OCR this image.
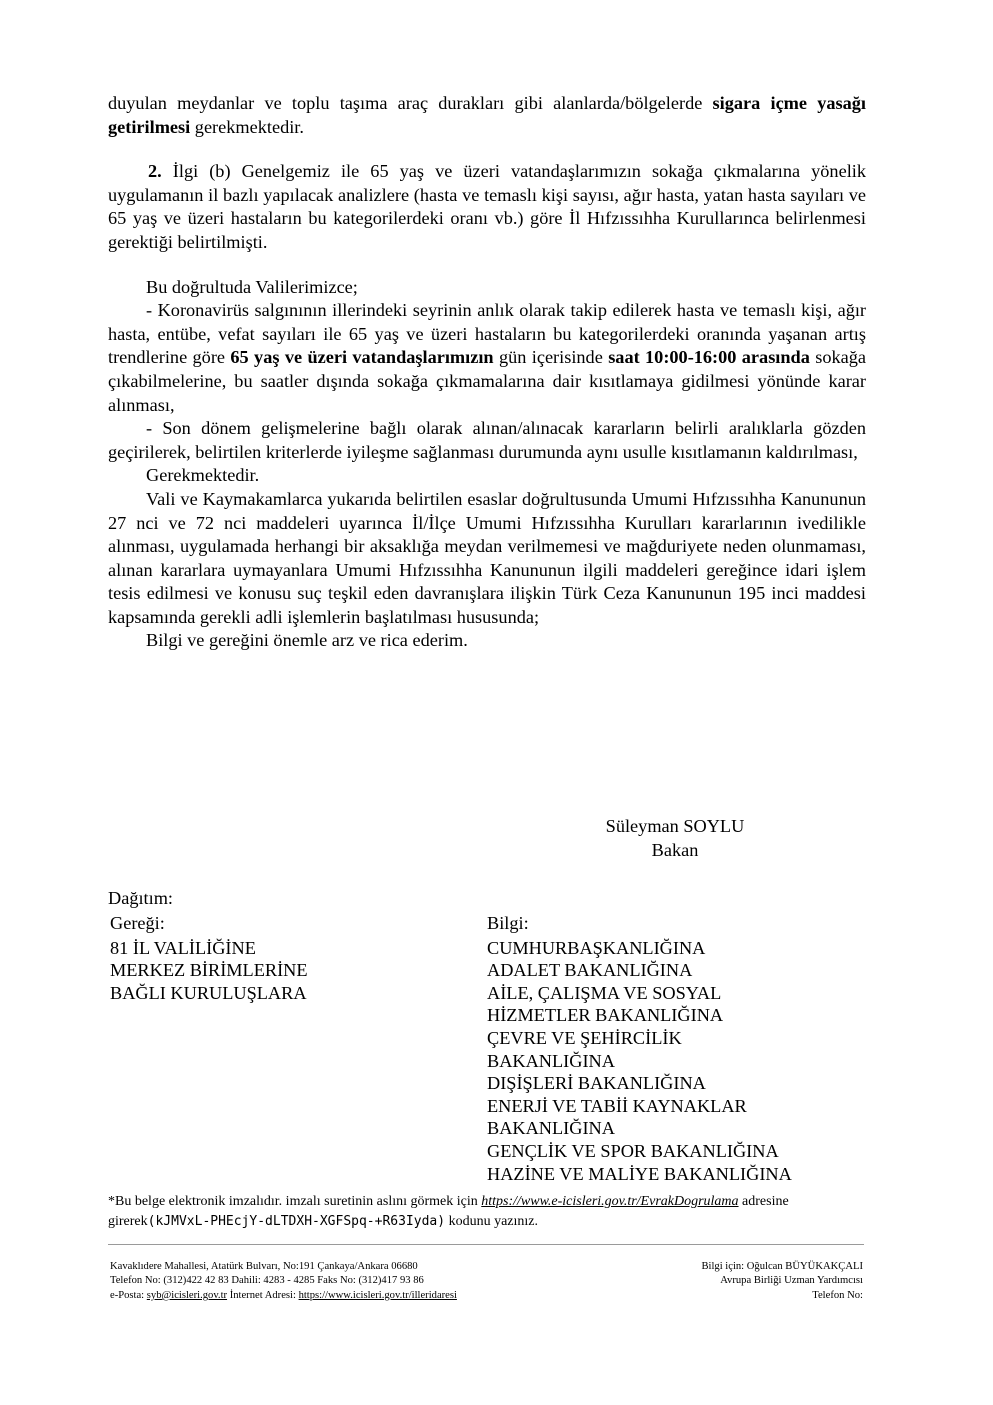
duyulan meydanlar ve toplu taşıma araç durakları gibi alanlarda/bölgelerde sigara içme yasağı getirilmesi gerekmektedir.

2. İlgi (b) Genelgemiz ile 65 yaş ve üzeri vatandaşlarımızın sokağa çıkmalarına yönelik uygulamanın il bazlı yapılacak analizlere (hasta ve temaslı kişi sayısı, ağır hasta, yatan hasta sayıları ve 65 yaş ve üzeri hastaların bu kategorilerdeki oranı vb.) göre İl Hıfzıssıhha Kurullarınca belirlenmesi gerektiği belirtilmişti.

Bu doğrultuda Valilerimizce;

- Koronavirüs salgınının illerindeki seyrinin anlık olarak takip edilerek hasta ve temaslı kişi, ağır hasta, entübe, vefat sayıları ile 65 yaş ve üzeri hastaların bu kategorilerdeki oranında yaşanan artış trendlerine göre 65 yaş ve üzeri vatandaşlarımızın gün içerisinde saat 10:00-16:00 arasında sokağa çıkabilmelerine, bu saatler dışında sokağa çıkmamalarına dair kısıtlamaya gidilmesi yönünde karar alınması,

- Son dönem gelişmelerine bağlı olarak alınan/alınacak kararların belirli aralıklarla gözden geçirilerek, belirtilen kriterlerde iyileşme sağlanması durumunda aynı usulle kısıtlamanın kaldırılması,

Gerekmektedir.

Vali ve Kaymakamlarca yukarıda belirtilen esaslar doğrultusunda Umumi Hıfzıssıhha Kanununun 27 nci ve 72 nci maddeleri uyarınca İl/İlçe Umumi Hıfzıssıhha Kurulları kararlarının ivedilikle alınması, uygulamada herhangi bir aksaklığa meydan verilmemesi ve mağduriyete neden olunmaması, alınan kararlara uymayanlara Umumi Hıfzıssıhha Kanununun ilgili maddeleri gereğince idari işlem tesis edilmesi ve konusu suç teşkil eden davranışlara ilişkin Türk Ceza Kanununun 195 inci maddesi kapsamında gerekli adli işlemlerin başlatılması hususunda;

Bilgi ve gereğini önemle arz ve rica ederim.

Süleyman SOYLU
Bakan
Dağıtım:
Gereği:
81 İL VALİLİĞİNE
MERKEZ BİRİMLERİNE
BAĞLI KURULUŞLARA
Bilgi:
CUMHURBAŞKANLIĞINA
ADALET BAKANLIĞINA
AİLE, ÇALIŞMA VE SOSYAL
HİZMETLER BAKANLIĞINA
ÇEVRE VE ŞEHİRCİLİK
BAKANLIĞINA
DIŞİŞLERİ BAKANLIĞINA
ENERJİ VE TABİİ KAYNAKLAR
BAKANLIĞINA
GENÇLİK VE SPOR BAKANLIĞINA
HAZİNE VE MALİYE BAKANLIĞINA
*Bu belge elektronik imzalıdır. imzalı suretinin aslını görmek için https://www.e-icisleri.gov.tr/EvrakDogrulama adresine girerek(kJMVxL-PHEcjY-dLTDXH-XGFSpq-+R63Iyda) kodunu yazınız.
Kavaklıdere Mahallesi, Atatürk Bulvarı, No:191 Çankaya/Ankara 06680
Telefon No: (312)422 42 83 Dahili: 4283 - 4285 Faks No: (312)417 93 86
e-Posta: syb@icisleri.gov.tr İnternet Adresi: https://www.icisleri.gov.tr/illeridaresi
Bilgi için: Oğulcan BÜYÜKAKÇALI
Avrupa Birliği Uzman Yardımcısı
Telefon No:
